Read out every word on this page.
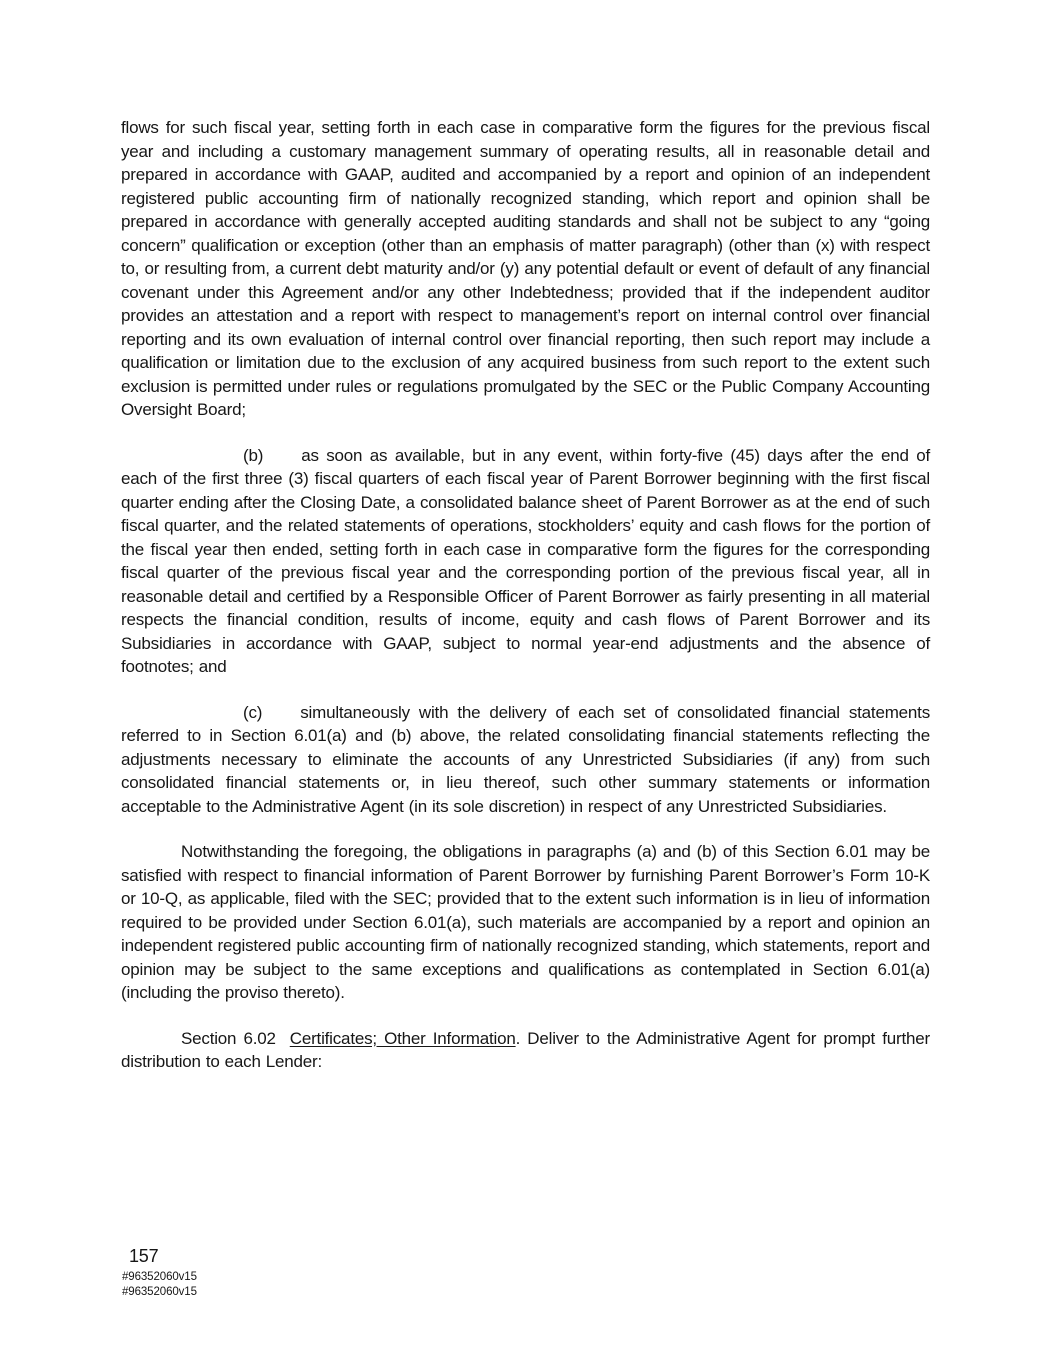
flows for such fiscal year, setting forth in each case in comparative form the figures for the previous fiscal year and including a customary management summary of operating results, all in reasonable detail and prepared in accordance with GAAP, audited and accompanied by a report and opinion of an independent registered public accounting firm of nationally recognized standing, which report and opinion shall be prepared in accordance with generally accepted auditing standards and shall not be subject to any “going concern” qualification or exception (other than an emphasis of matter paragraph) (other than (x) with respect to, or resulting from, a current debt maturity and/or (y) any potential default or event of default of any financial covenant under this Agreement and/or any other Indebtedness; provided that if the independent auditor provides an attestation and a report with respect to management’s report on internal control over financial reporting and its own evaluation of internal control over financial reporting, then such report may include a qualification or limitation due to the exclusion of any acquired business from such report to the extent such exclusion is permitted under rules or regulations promulgated by the SEC or the Public Company Accounting Oversight Board;

(b) as soon as available, but in any event, within forty-five (45) days after the end of each of the first three (3) fiscal quarters of each fiscal year of Parent Borrower beginning with the first fiscal quarter ending after the Closing Date, a consolidated balance sheet of Parent Borrower as at the end of such fiscal quarter, and the related statements of operations, stockholders’ equity and cash flows for the portion of the fiscal year then ended, setting forth in each case in comparative form the figures for the corresponding fiscal quarter of the previous fiscal year and the corresponding portion of the previous fiscal year, all in reasonable detail and certified by a Responsible Officer of Parent Borrower as fairly presenting in all material respects the financial condition, results of income, equity and cash flows of Parent Borrower and its Subsidiaries in accordance with GAAP, subject to normal year-end adjustments and the absence of footnotes; and

(c) simultaneously with the delivery of each set of consolidated financial statements referred to in Section 6.01(a) and (b) above, the related consolidating financial statements reflecting the adjustments necessary to eliminate the accounts of any Unrestricted Subsidiaries (if any) from such consolidated financial statements or, in lieu thereof, such other summary statements or information acceptable to the Administrative Agent (in its sole discretion) in respect of any Unrestricted Subsidiaries.

Notwithstanding the foregoing, the obligations in paragraphs (a) and (b) of this Section 6.01 may be satisfied with respect to financial information of Parent Borrower by furnishing Parent Borrower’s Form 10-K or 10-Q, as applicable, filed with the SEC; provided that to the extent such information is in lieu of information required to be provided under Section 6.01(a), such materials are accompanied by a report and opinion an independent registered public accounting firm of nationally recognized standing, which statements, report and opinion may be subject to the same exceptions and qualifications as contemplated in Section 6.01(a) (including the proviso thereto).

Section 6.02 Certificates; Other Information. Deliver to the Administrative Agent for prompt further distribution to each Lender:

157
#96352060v15
#96352060v15
